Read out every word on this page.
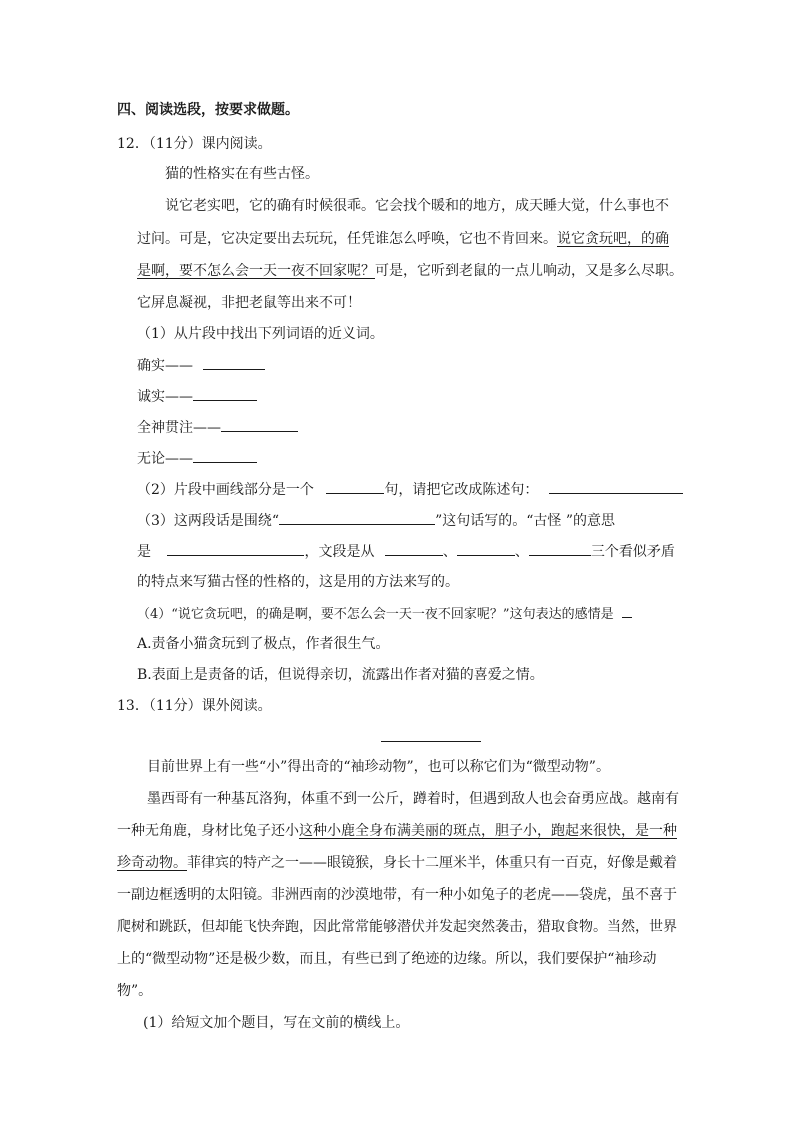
四、阅读选段，按要求做题。
12．（11分）课内阅读。
猫的性格实在有些古怪。
说它老实吧，它的确有时候很乖。它会找个暖和的地方，成天睡大觉，什么事也不
过问。可是，它决定要出去玩玩，任凭谁怎么呼唤，它也不肯回来。说它贪玩吧，的确
是啊，要不怎么会一天一夜不回家呢？可是，它听到老鼠的一点儿响动，又是多么尽职。
它屏息凝视，非把老鼠等出来不可！
（1）从片段中找出下列词语的近义词。
确实——
诚实——
全神贯注——
无论——
（2）片段中画线部分是一个	句，请把它改成陈述句：
（3）这两段话是围绕“	”这句话写的。“古怪 ”的意思
是	，文段是从	、	、	三个看似矛盾
的特点来写猫古怪的性格的，这是用的方法来写的。
（4）“说它贪玩吧，的确是啊，要不怎么会一天一夜不回家呢？”这句表达的感情是
A.责备小猫贪玩到了极点，作者很生气。
B.表面上是责备的话，但说得亲切，流露出作者对猫的喜爱之情。
13．（11分）课外阅读。
目前世界上有一些“小”得出奇的“袖珍动物”，也可以称它们为“微型动物”。
墨西哥有一种基瓦洛狗，体重不到一公斤，蹲着时，但遇到敌人也会奋勇应战。越南有
一种无角鹿，身材比兔子还小这种小鹿全身布满美丽的斑点，胆子小，跑起来很快，是一种
珍奇动物。菲律宾的特产之一——眼镜猴，身长十二厘米半，体重只有一百克，好像是戴着
一副边框透明的太阳镜。非洲西南的沙漠地带，有一种小如兔子的老虎——袋虎，虽不喜于
爬树和跳跃，但却能飞快奔跑，因此常常能够潜伏并发起突然袭击，猎取食物。当然，世界
上的“微型动物”还是极少数，而且，有些已到了绝迹的边缘。所以，我们要保护“袖珍动
物”。
(1）给短文加个题目，写在文前的横线上。
